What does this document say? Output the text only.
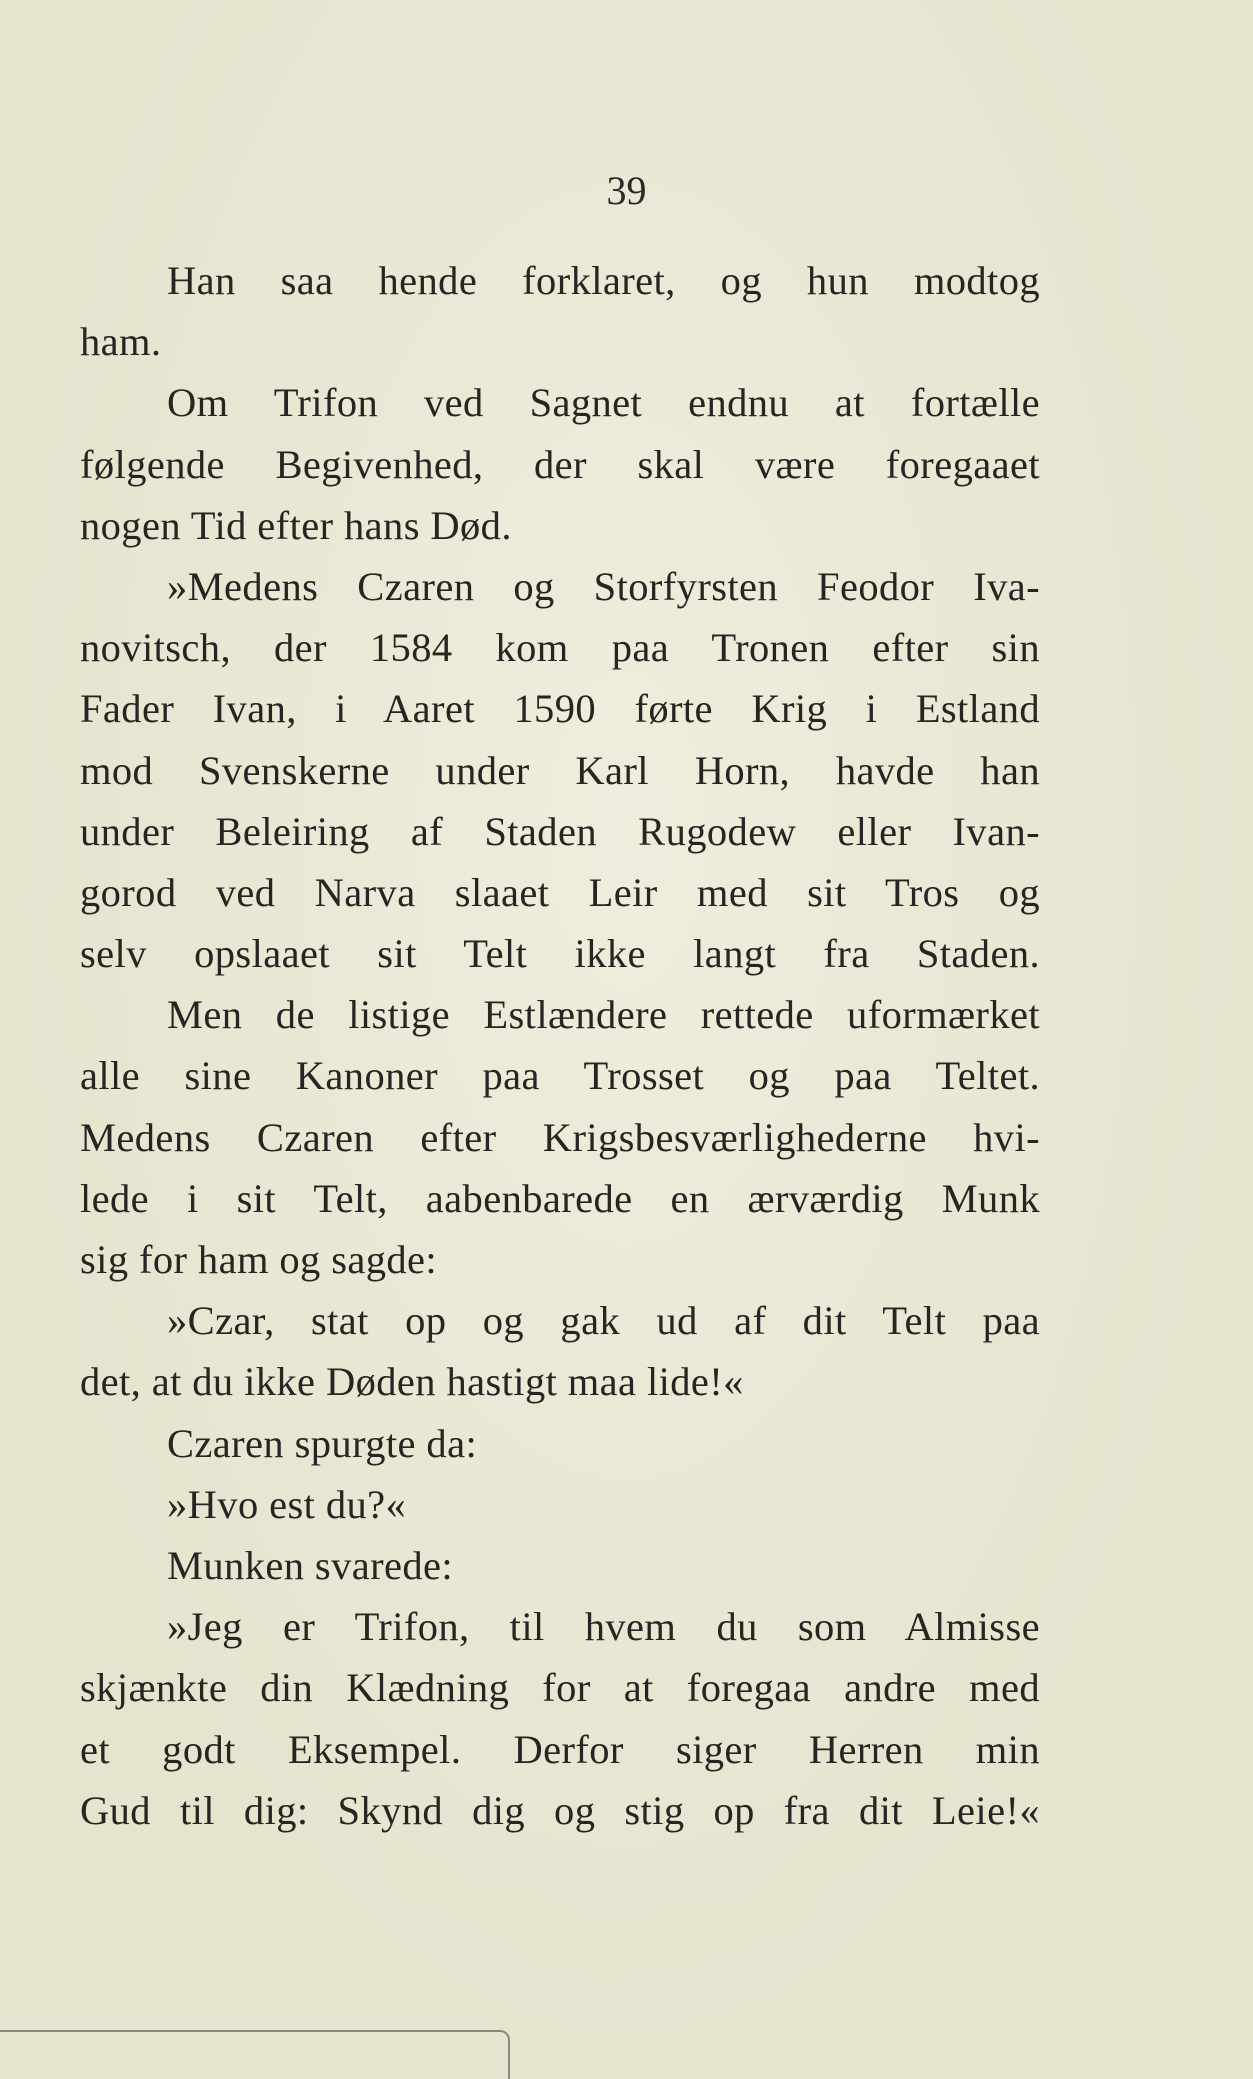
39
Han saa hende forklaret, og hun modtog
ham.
Om Trifon ved Sagnet endnu at fortælle
følgende Begivenhed, der skal være foregaaet
nogen Tid efter hans Død.
»Medens Czaren og Storfyrsten Feodor Iva-
novitsch, der 1584 kom paa Tronen efter sin
Fader Ivan, i Aaret 1590 førte Krig i Estland
mod Svenskerne under Karl Horn, havde han
under Beleiring af Staden Rugodew eller Ivan-
gorod ved Narva slaaet Leir med sit Tros og
selv opslaaet sit Telt ikke langt fra Staden.
Men de listige Estlændere rettede uformærket
alle sine Kanoner paa Trosset og paa Teltet.
Medens Czaren efter Krigsbesværlighederne hvi-
lede i sit Telt, aabenbarede en ærværdig Munk
sig for ham og sagde:
»Czar, stat op og gak ud af dit Telt paa
det, at du ikke Døden hastigt maa lide!«
Czaren spurgte da:
»Hvo est du?«
Munken svarede:
»Jeg er Trifon, til hvem du som Almisse
skjænkte din Klædning for at foregaa andre med
et godt Eksempel. Derfor siger Herren min
Gud til dig: Skynd dig og stig op fra dit Leie!«
